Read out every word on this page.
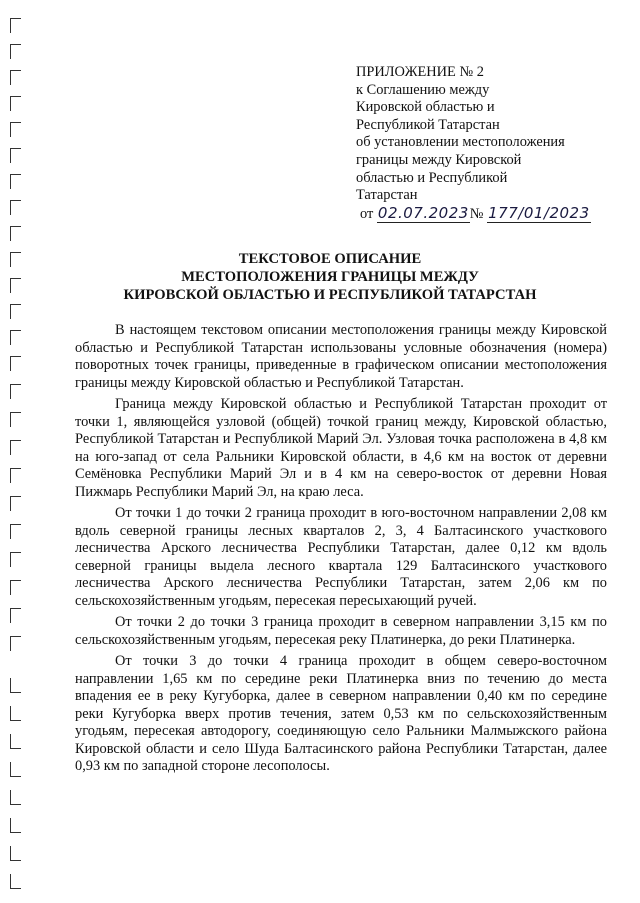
ПРИЛОЖЕНИЕ № 2
к Соглашению между
Кировской областью и
Республикой Татарстан
об установлении местоположения
границы между Кировской
областью и Республикой
Татарстан
от 02.07.2023№ 177/01/2023
ТЕКСТОВОЕ ОПИСАНИЕ
МЕСТОПОЛОЖЕНИЯ ГРАНИЦЫ МЕЖДУ
КИРОВСКОЙ ОБЛАСТЬЮ И РЕСПУБЛИКОЙ ТАТАРСТАН

В настоящем текстовом описании местоположения границы между Кировской областью и Республикой Татарстан использованы условные обозначения (номера) поворотных точек границы, приведенные в графическом описании местоположения границы между Кировской областью и Республикой Татарстан.

Граница между Кировской областью и Республикой Татарстан проходит от точки 1, являющейся узловой (общей) точкой границ между, Кировской областью, Республикой Татарстан и Республикой Марий Эл. Узловая точка расположена в 4,8 км на юго-запад от села Ральники Кировской области, в 4,6 км на восток от деревни Семёновка Республики Марий Эл и в 4 км на северо-восток от деревни Новая Пижмарь Республики Марий Эл, на краю леса.

От точки 1 до точки 2 граница проходит в юго-восточном направлении 2,08 км вдоль северной границы лесных кварталов 2, 3, 4 Балтасинского участкового лесничества Арского лесничества Республики Татарстан, далее 0,12 км вдоль северной границы выдела лесного квартала 129 Балтасинского участкового лесничества Арского лесничества Республики Татарстан, затем 2,06 км по сельскохозяйственным угодьям, пересекая пересыхающий ручей.

От точки 2 до точки 3 граница проходит в северном направлении 3,15 км по сельскохозяйственным угодьям, пересекая реку Платинерка, до реки Платинерка.

От точки 3 до точки 4 граница проходит в общем северо-восточном направлении 1,65 км по середине реки Платинерка вниз по течению до места впадения ее в реку Кугуборка, далее в северном направлении 0,40 км по середине реки Кугуборка вверх против течения, затем 0,53 км по сельскохозяйственным угодьям, пересекая автодорогу, соединяющую село Ральники Малмыжского района Кировской области и село Шуда Балтасинского района Республики Татарстан, далее 0,93 км по западной стороне лесополосы.
